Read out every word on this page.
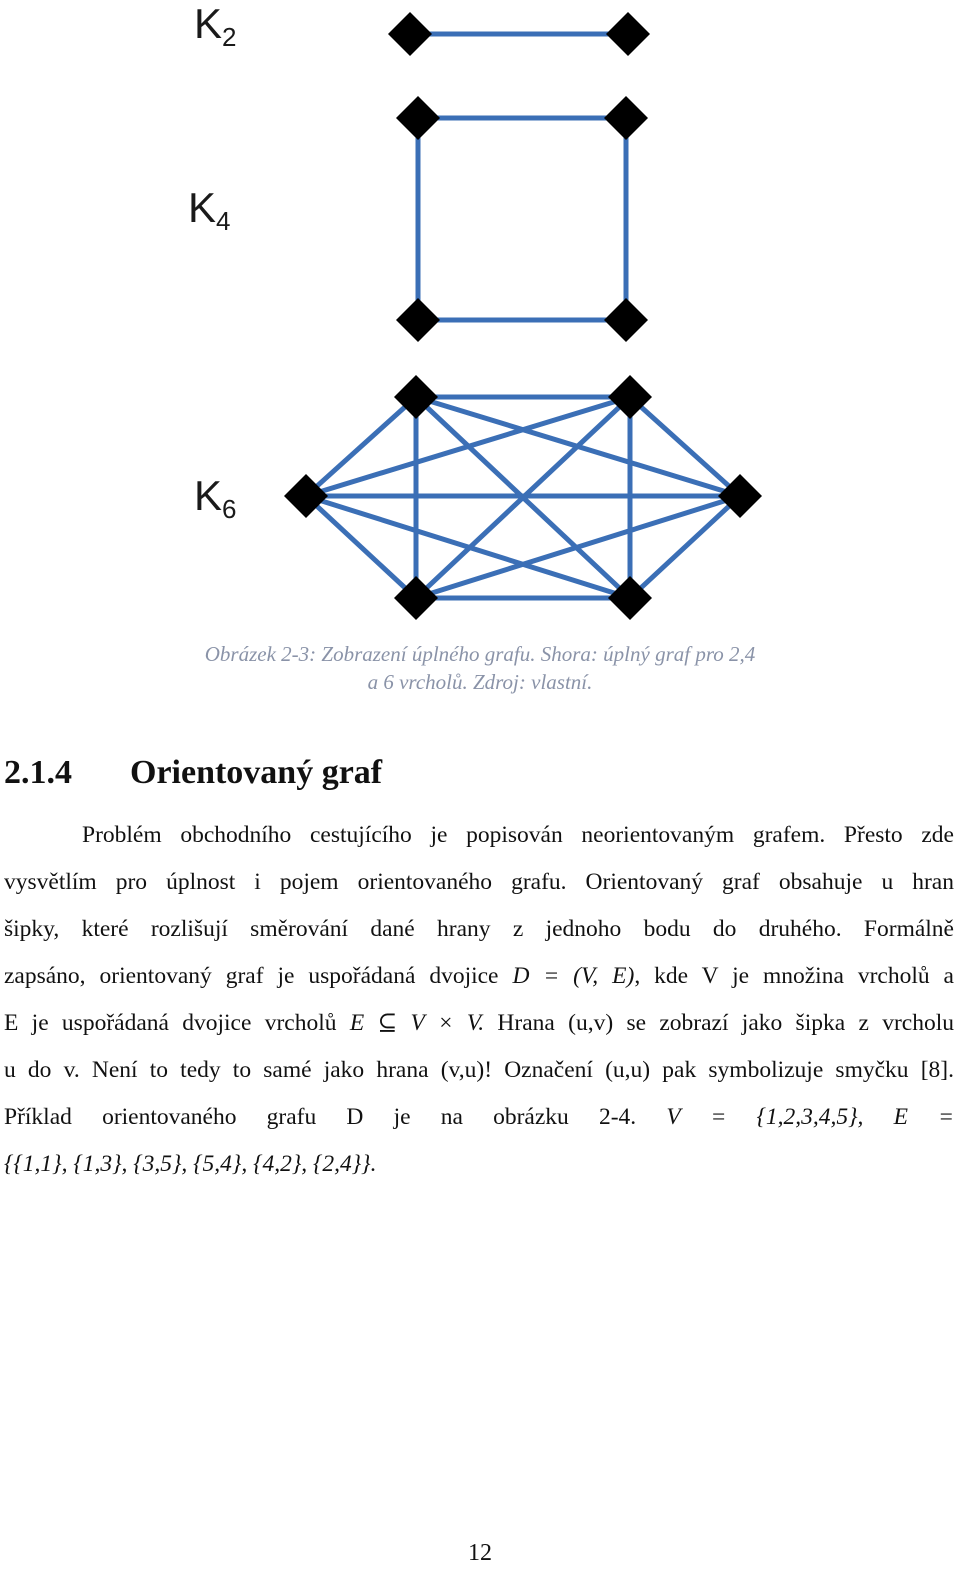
K2
K4
K6
Obrázek 2-3: Zobrazení úplného grafu. Shora: úplný graf pro 2,4
a 6 vrcholů. Zdroj: vlastní.
2.1.4 Orientovaný graf
Problém obchodního cestujícího je popisován neorientovaným grafem. Přesto zde
vysvětlím pro úplnost i pojem orientovaného grafu. Orientovaný graf obsahuje u hran
šipky, které rozlišují směrování dané hrany z jednoho bodu do druhého. Formálně
zapsáno, orientovaný graf je uspořádaná dvojice D = (V, E), kde V je množina vrcholů a
E je uspořádaná dvojice vrcholů E ⊆ V × V. Hrana (u,v) se zobrazí jako šipka z vrcholu
u do v. Není to tedy to samé jako hrana (v,u)! Označení (u,u) pak symbolizuje smyčku [8].
Příklad orientovaného grafu D je na obrázku 2-4. V = {1,2,3,4,5}, E =
{{1,1}, {1,3}, {3,5}, {5,4}, {4,2}, {2,4}}.
12
